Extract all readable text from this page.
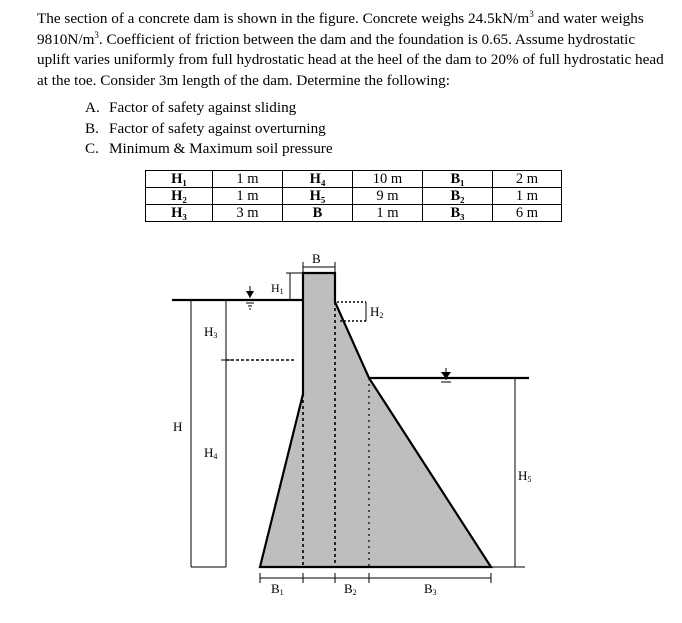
The section of a concrete dam is shown in the figure. Concrete weighs $24.5kN/m^3$ and water weighs $9810N/m^3$. Coefficient of friction between the dam and the foundation is 0.65. Assume hydrostatic uplift varies uniformly from full hydrostatic head at the heel of the dam to 20% of full hydrostatic head at the toe. Consider 3m length of the dam. Determine the following:

A. Factor of safety against sliding
B. Factor of safety against overturning
C. Minimum & Maximum soil pressure
H₁	1 m	H₄	10 m	B₁	2 m
H₂	1 m	H₅	9 m	B₂	1 m
H₃	3 m	B	1 m	B₃	6 m
B
H1
H2
H3
H4
H
H5
B1	B2	B3
